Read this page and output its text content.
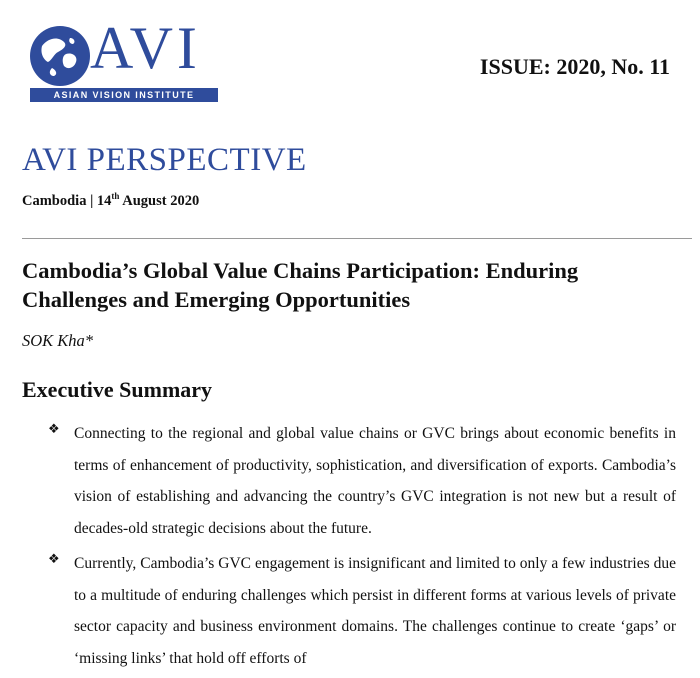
AVI
ASIAN VISION INSTITUTE
ISSUE: 2020, No. 11
AVI PERSPECTIVE
Cambodia | 14th August 2020
Cambodia’s Global Value Chains Participation: Enduring Challenges and Emerging Opportunities
SOK Kha*
Executive Summary
❖ Connecting to the regional and global value chains or GVC brings about economic benefits in terms of enhancement of productivity, sophistication, and diversification of exports. Cambodia’s vision of establishing and advancing the country’s GVC integration is not new but a result of decades-old strategic decisions about the future.
❖ Currently, Cambodia’s GVC engagement is insignificant and limited to only a few industries due to a multitude of enduring challenges which persist in different forms at various levels of private sector capacity and business environment domains. The challenges continue to create ‘gaps’ or ‘missing links’ that hold off efforts of
